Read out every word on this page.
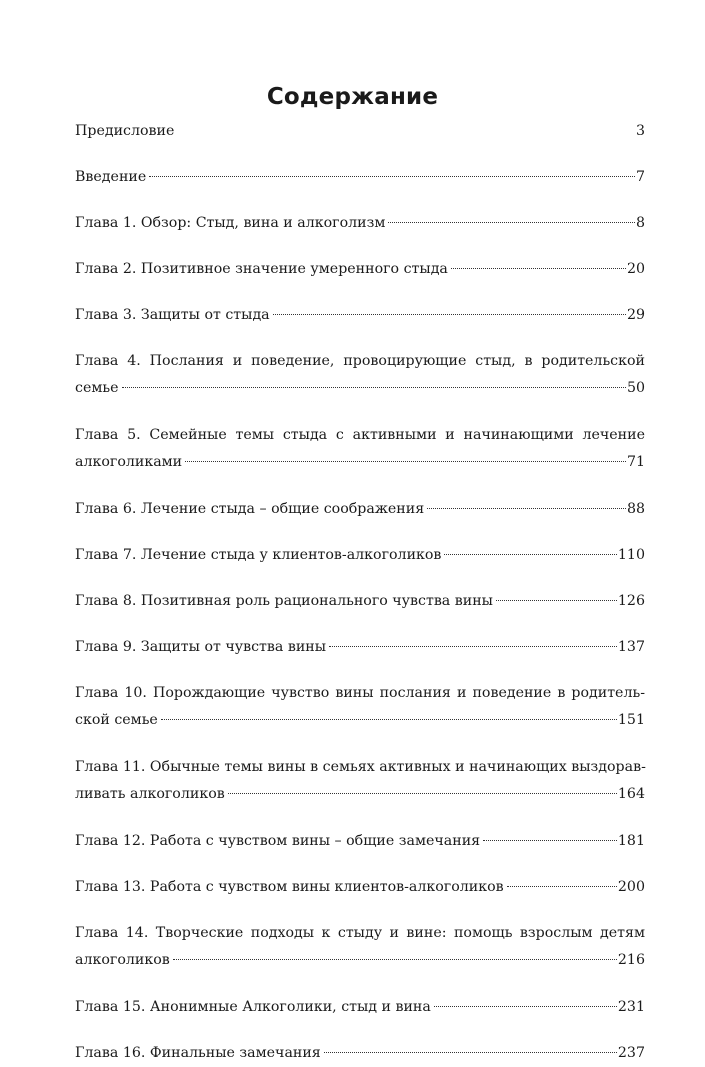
Содержание
Предисловие	3
Введение	7
Глава 1. Обзор: Стыд, вина и алкоголизм	8
Глава 2. Позитивное значение умеренного стыда	20
Глава 3. Защиты от стыда	29
Глава 4. Послания и поведение, провоцирующие стыд, в родительской
семье	50
Глава 5. Семейные темы стыда с активными и начинающими лечение
алкоголиками	71
Глава 6. Лечение стыда – общие соображения	88
Глава 7. Лечение стыда у клиентов-алкоголиков	110
Глава 8. Позитивная роль рационального чувства вины	126
Глава 9. Защиты от чувства вины	137
Глава 10. Порождающие чувство вины послания и поведение в родитель-
ской семье	151
Глава 11. Обычные темы вины в семьях активных и начинающих выздорав-
ливать алкоголиков	164
Глава 12. Работа с чувством вины – общие замечания	181
Глава 13. Работа с чувством вины клиентов-алкоголиков	200
Глава 14. Творческие подходы к стыду и вине: помощь взрослым детям
алкоголиков	216
Глава 15. Анонимные Алкоголики, стыд и вина	231
Глава 16. Финальные замечания	237
